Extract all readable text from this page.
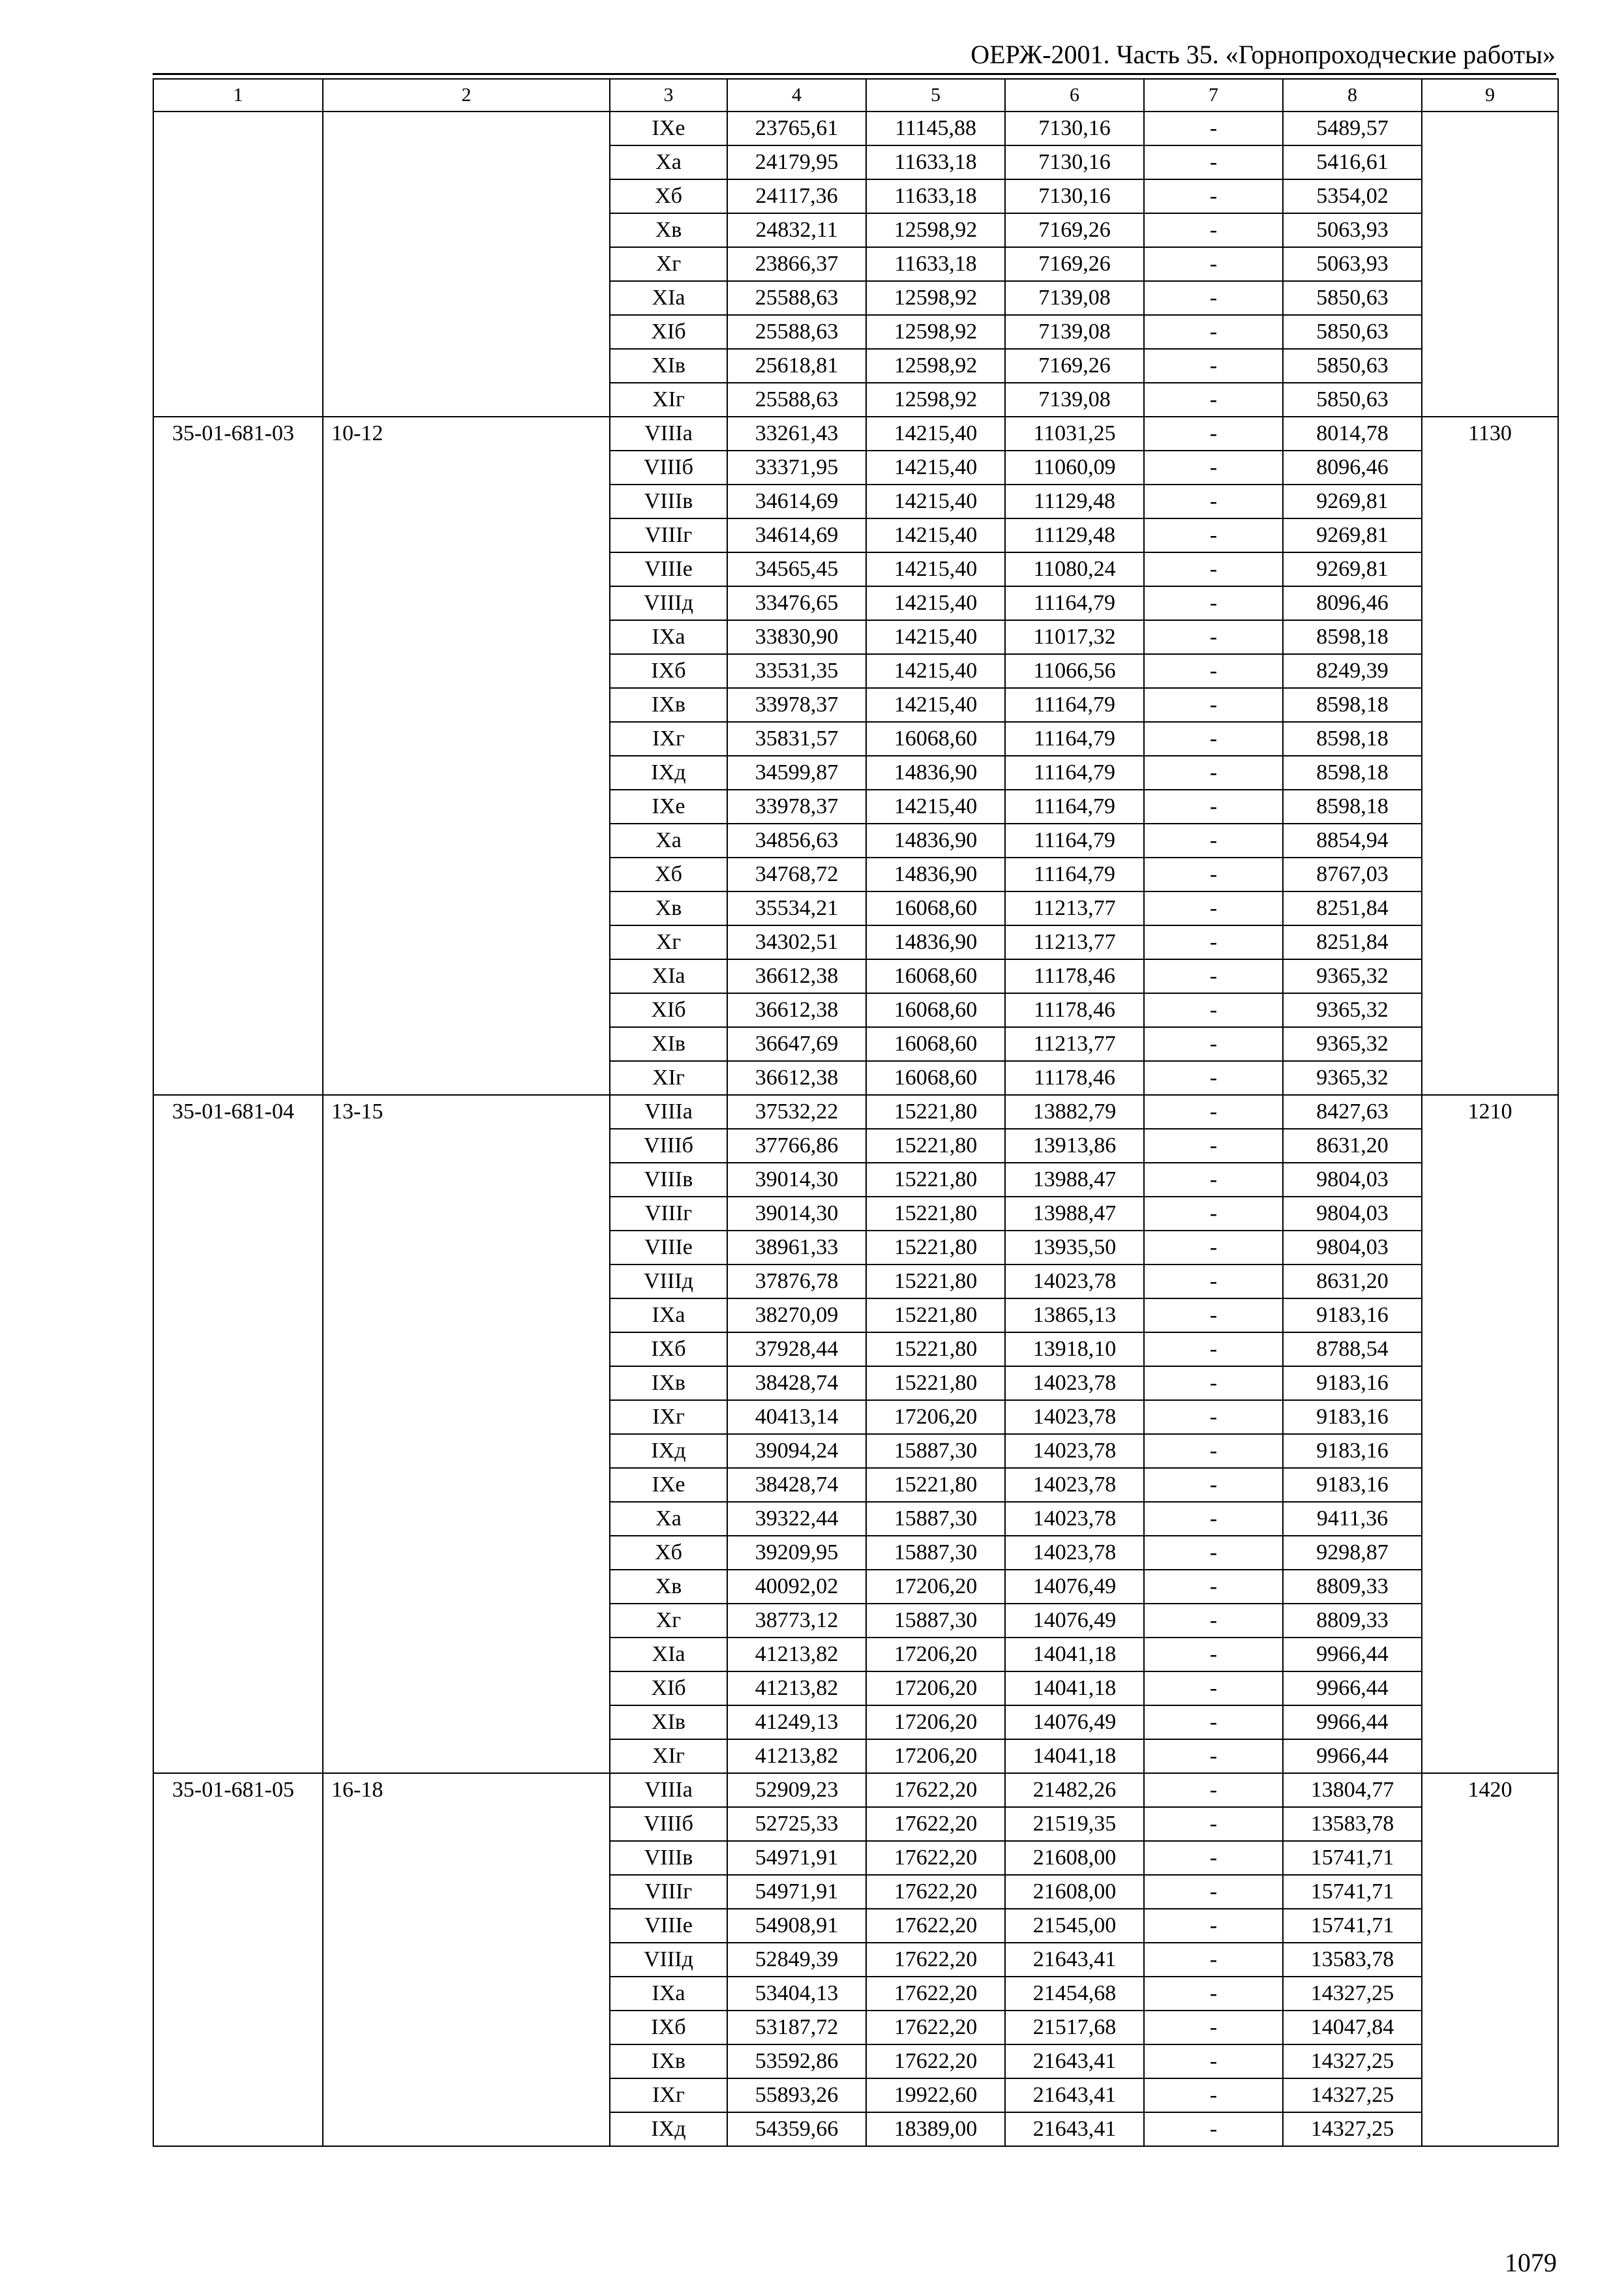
ОЕРЖ-2001. Часть 35. «Горнопроходческие работы»
1	2	3	4	5	6	7	8	9
		IXe	23765,61	11145,88	7130,16	-	5489,57	
		Xa	24179,95	11633,18	7130,16	-	5416,61	
		Xб	24117,36	11633,18	7130,16	-	5354,02	
		Xв	24832,11	12598,92	7169,26	-	5063,93	
		Xг	23866,37	11633,18	7169,26	-	5063,93	
		XIa	25588,63	12598,92	7139,08	-	5850,63	
		XIб	25588,63	12598,92	7139,08	-	5850,63	
		XIв	25618,81	12598,92	7169,26	-	5850,63	
		XIг	25588,63	12598,92	7139,08	-	5850,63	
35-01-681-03	10-12	VIIIa	33261,43	14215,40	11031,25	-	8014,78	1130
		VIIIб	33371,95	14215,40	11060,09	-	8096,46	
		VIIIв	34614,69	14215,40	11129,48	-	9269,81	
		VIIIг	34614,69	14215,40	11129,48	-	9269,81	
		VIIIe	34565,45	14215,40	11080,24	-	9269,81	
		VIIIд	33476,65	14215,40	11164,79	-	8096,46	
		IXa	33830,90	14215,40	11017,32	-	8598,18	
		IXб	33531,35	14215,40	11066,56	-	8249,39	
		IXв	33978,37	14215,40	11164,79	-	8598,18	
		IXг	35831,57	16068,60	11164,79	-	8598,18	
		IXд	34599,87	14836,90	11164,79	-	8598,18	
		IXe	33978,37	14215,40	11164,79	-	8598,18	
		Xa	34856,63	14836,90	11164,79	-	8854,94	
		Xб	34768,72	14836,90	11164,79	-	8767,03	
		Xв	35534,21	16068,60	11213,77	-	8251,84	
		Xг	34302,51	14836,90	11213,77	-	8251,84	
		XIa	36612,38	16068,60	11178,46	-	9365,32	
		XIб	36612,38	16068,60	11178,46	-	9365,32	
		XIв	36647,69	16068,60	11213,77	-	9365,32	
		XIг	36612,38	16068,60	11178,46	-	9365,32	
35-01-681-04	13-15	VIIIa	37532,22	15221,80	13882,79	-	8427,63	1210
		VIIIб	37766,86	15221,80	13913,86	-	8631,20	
		VIIIв	39014,30	15221,80	13988,47	-	9804,03	
		VIIIг	39014,30	15221,80	13988,47	-	9804,03	
		VIIIe	38961,33	15221,80	13935,50	-	9804,03	
		VIIIд	37876,78	15221,80	14023,78	-	8631,20	
		IXa	38270,09	15221,80	13865,13	-	9183,16	
		IXб	37928,44	15221,80	13918,10	-	8788,54	
		IXв	38428,74	15221,80	14023,78	-	9183,16	
		IXг	40413,14	17206,20	14023,78	-	9183,16	
		IXд	39094,24	15887,30	14023,78	-	9183,16	
		IXe	38428,74	15221,80	14023,78	-	9183,16	
		Xa	39322,44	15887,30	14023,78	-	9411,36	
		Xб	39209,95	15887,30	14023,78	-	9298,87	
		Xв	40092,02	17206,20	14076,49	-	8809,33	
		Xг	38773,12	15887,30	14076,49	-	8809,33	
		XIa	41213,82	17206,20	14041,18	-	9966,44	
		XIб	41213,82	17206,20	14041,18	-	9966,44	
		XIв	41249,13	17206,20	14076,49	-	9966,44	
		XIг	41213,82	17206,20	14041,18	-	9966,44	
35-01-681-05	16-18	VIIIa	52909,23	17622,20	21482,26	-	13804,77	1420
		VIIIб	52725,33	17622,20	21519,35	-	13583,78	
		VIIIв	54971,91	17622,20	21608,00	-	15741,71	
		VIIIг	54971,91	17622,20	21608,00	-	15741,71	
		VIIIe	54908,91	17622,20	21545,00	-	15741,71	
		VIIIд	52849,39	17622,20	21643,41	-	13583,78	
		IXa	53404,13	17622,20	21454,68	-	14327,25	
		IXб	53187,72	17622,20	21517,68	-	14047,84	
		IXв	53592,86	17622,20	21643,41	-	14327,25	
		IXг	55893,26	19922,60	21643,41	-	14327,25	
		IXд	54359,66	18389,00	21643,41	-	14327,25	
1079
